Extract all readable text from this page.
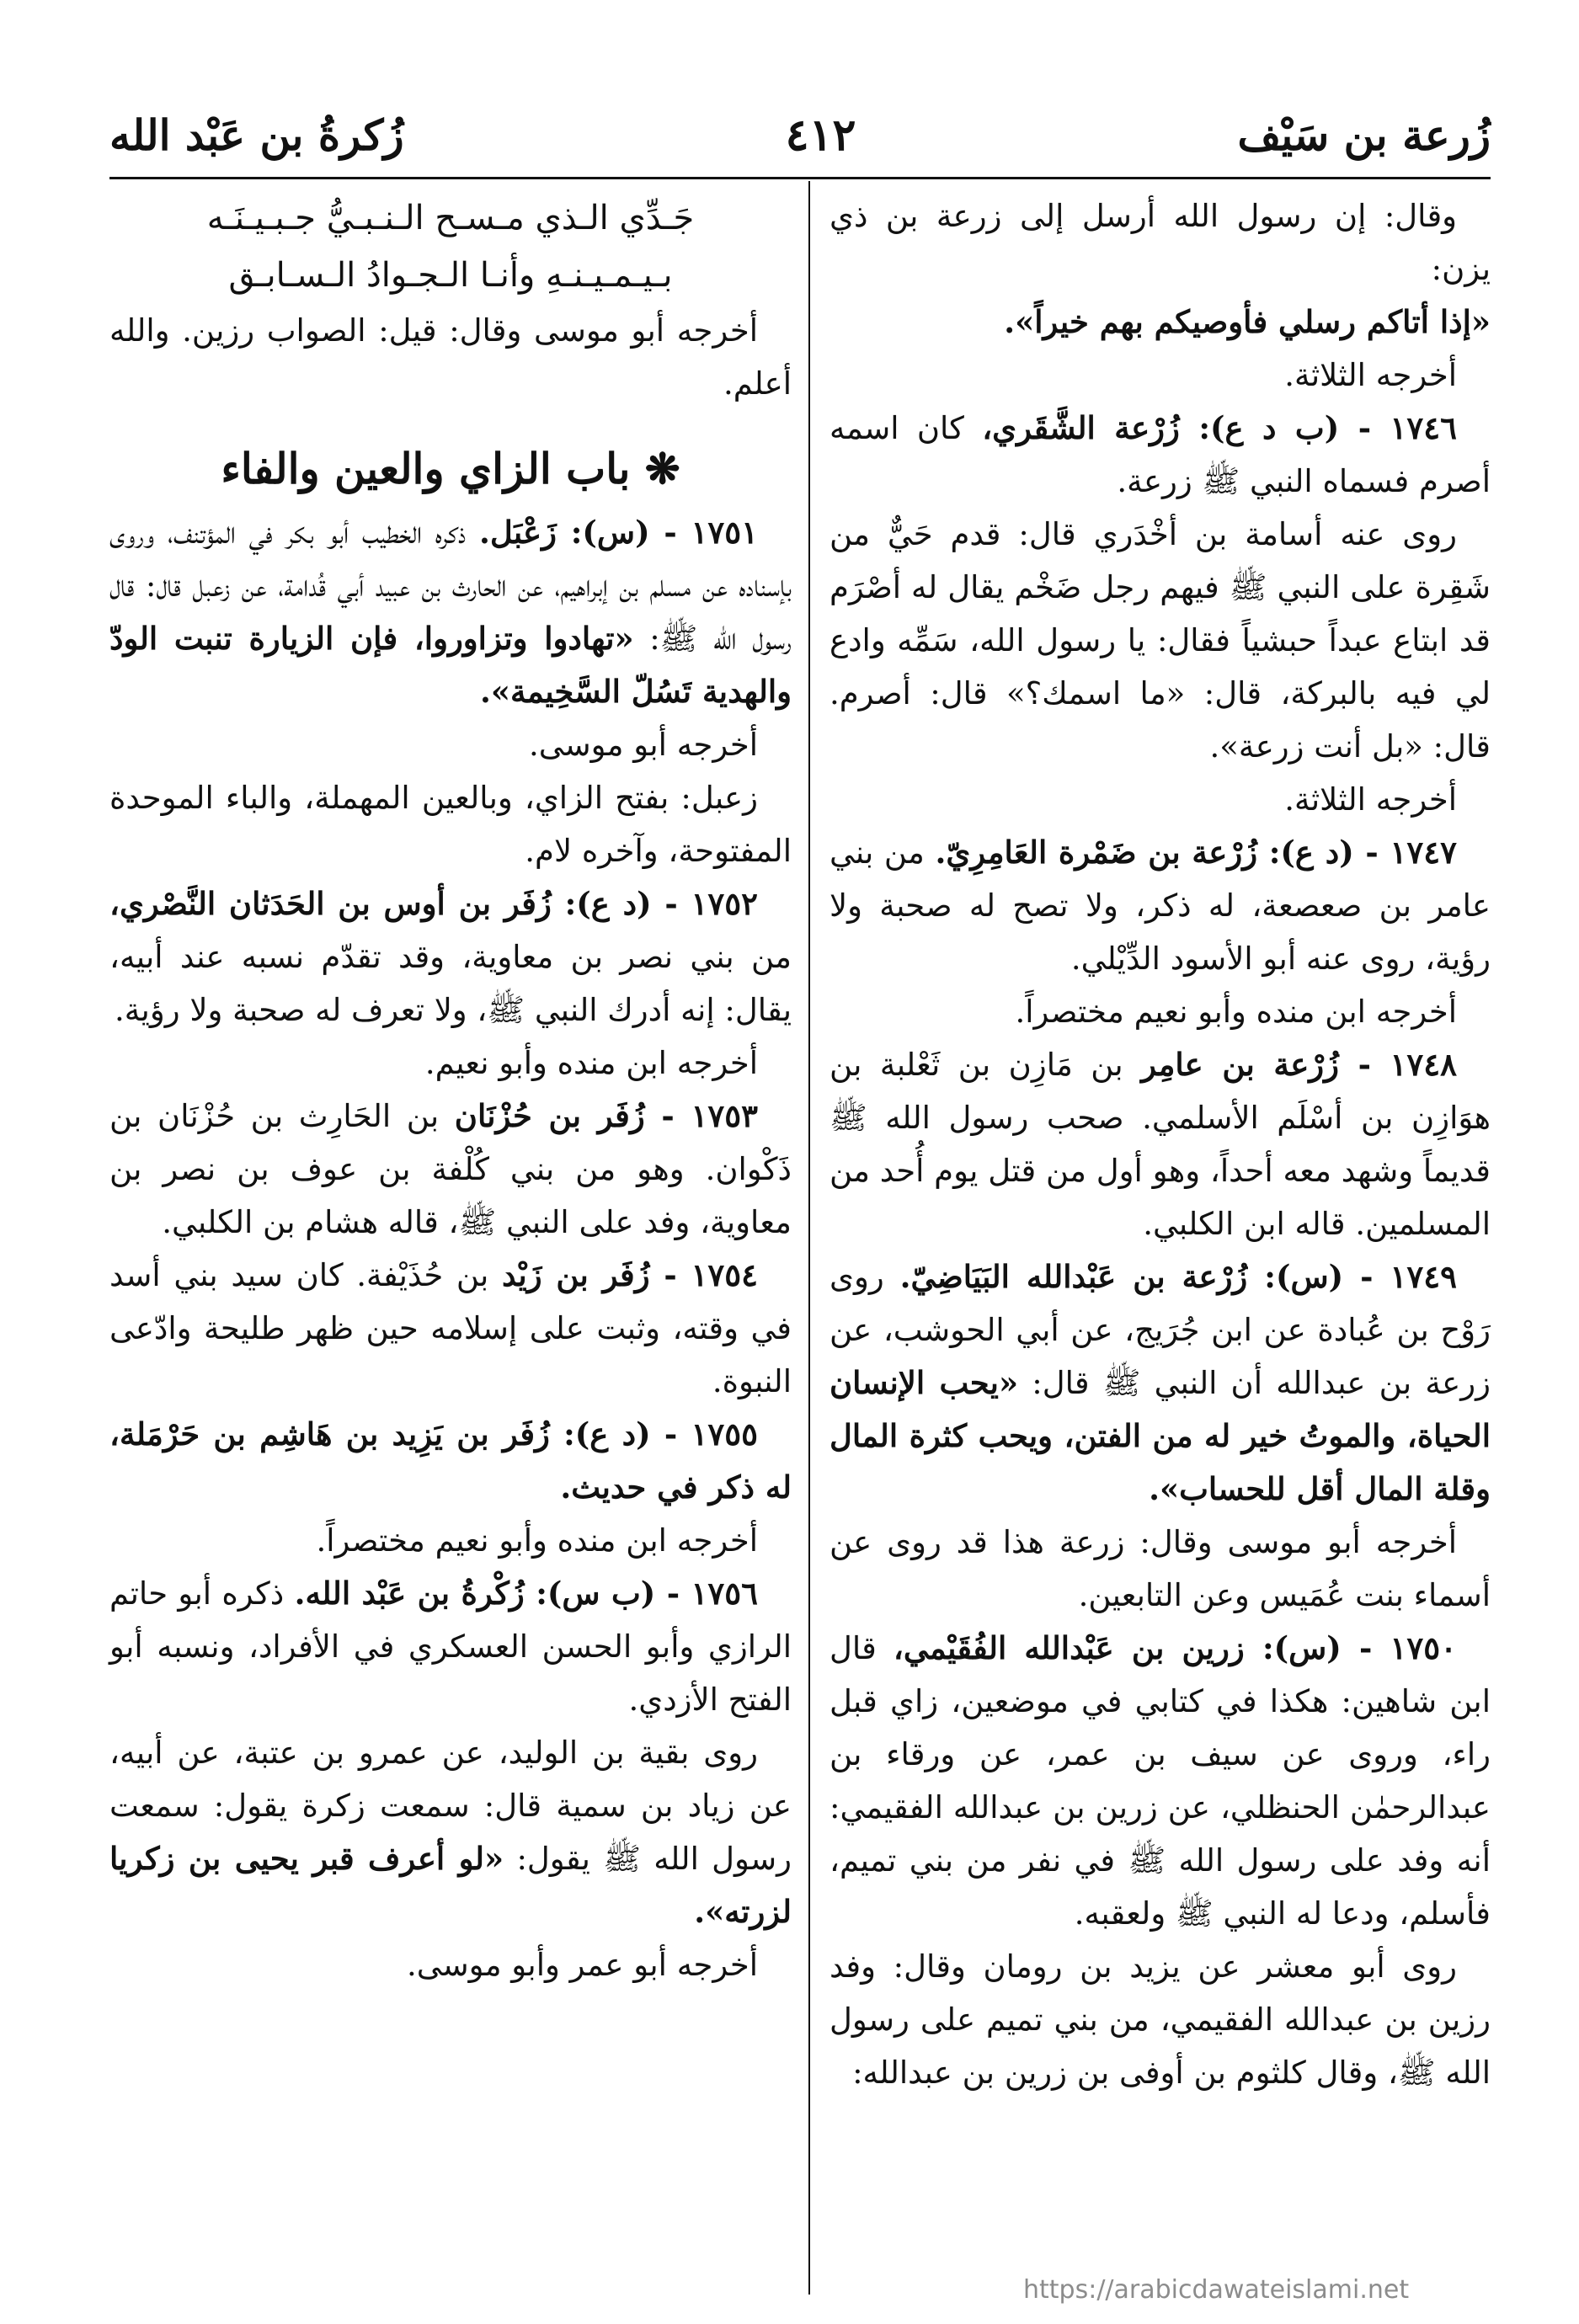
زُرعة بن سَيْف
٤١٢
زُكرةُ بن عَبْد الله

وقال: إن رسول الله أرسل إلى زرعة بن ذي يزن:

«إذا أتاكم رسلي فأوصيكم بهم خيراً».

أخرجه الثلاثة.

١٧٤٦ - (ب د ع): زُرْعة الشَّقَري، كان اسمه أصرم فسماه النبي ﷺ زرعة.

روى عنه أسامة بن أخْدَري قال: قدم حَيٌّ من شَقِرة على النبي ﷺ فيهم رجل ضَخْم يقال له أصْرَم قد ابتاع عبداً حبشياً فقال: يا رسول الله، سَمِّه وادع لي فيه بالبركة، قال: «ما اسمك؟» قال: أصرم. قال: «بل أنت زرعة».

أخرجه الثلاثة.

١٧٤٧ - (د ع): زُرْعة بن ضَمْرة العَامِرِيّ. من بني عامر بن صعصعة، له ذكر، ولا تصح له صحبة ولا رؤية، روى عنه أبو الأسود الدِّيْلي.

أخرجه ابن منده وأبو نعيم مختصراً.

١٧٤٨ - زُرْعة بن عامِر بن مَازِن بن ثَعْلبة بن هوَازِن بن أسْلَم الأسلمي. صحب رسول الله ﷺ قديماً وشهد معه أحداً، وهو أول من قتل يوم أُحد من المسلمين. قاله ابن الكلبي.

١٧٤٩ - (س): زُرْعة بن عَبْدالله البَيَاضِيّ. روى رَوْح بن عُبادة عن ابن جُرَيج، عن أبي الحوشب، عن زرعة بن عبدالله أن النبي ﷺ قال: «يحب الإنسان الحياة، والموتُ خير له من الفتن، ويحب كثرة المال وقلة المال أقل للحساب».

أخرجه أبو موسى وقال: زرعة هذا قد روى عن أسماء بنت عُمَيس وعن التابعين.

١٧٥٠ - (س): زرين بن عَبْدالله الفُقَيْمي، قال ابن شاهين: هكذا في كتابي في موضعين، زاي قبل راء، وروى عن سيف بن عمر، عن ورقاء بن عبدالرحمٰن الحنظلي، عن زرين بن عبدالله الفقيمي: أنه وفد على رسول الله ﷺ في نفر من بني تميم، فأسلم، ودعا له النبي ﷺ ولعقبه.

روى أبو معشر عن يزيد بن رومان وقال: وفد رزين بن عبدالله الفقيمي، من بني تميم على رسول الله ﷺ، وقال كلثوم بن أوفى بن زرين بن عبدالله:

جَـدِّي الـذي مـسـح الـنـبـيُّ جـبـيـنَـه

بـيـمـيـنـهِ وأنـا الـجـوادُ الـسـابـق

أخرجه أبو موسى وقال: قيل: الصواب رزين. والله أعلم.

❋ باب الزاي والعين والفاء

١٧٥١ - (س): زَعْبَل. ذكره الخطيب أبو بكر في المؤتنف، وروى بإسناده عن مسلم بن إبراهيم، عن الحارث بن عبيد أبي قُدامة، عن زعبل قال: قال رسول الله ﷺ: «تهادوا وتزاوروا، فإن الزيارة تنبت الودّ والهدية تَسُلّ السَّخِيمة».

أخرجه أبو موسى.

زعبل: بفتح الزاي، وبالعين المهملة، والباء الموحدة المفتوحة، وآخره لام.

١٧٥٢ - (د ع): زُفَر بن أوس بن الحَدَثان النَّصْري، من بني نصر بن معاوية، وقد تقدّم نسبه عند أبيه، يقال: إنه أدرك النبي ﷺ، ولا تعرف له صحبة ولا رؤية.

أخرجه ابن منده وأبو نعيم.

١٧٥٣ - زُفَر بن حُزْنَان بن الحَارِث بن حُزْنَان بن ذَكْوان. وهو من بني كُلْفة بن عوف بن نصر بن معاوية، وفد على النبي ﷺ، قاله هشام بن الكلبي.

١٧٥٤ - زُفَر بن زَيْد بن حُذَيْفة. كان سيد بني أسد في وقته، وثبت على إسلامه حين ظهر طليحة وادّعى النبوة.

١٧٥٥ - (د ع): زُفَر بن يَزِيد بن هَاشِم بن حَرْمَلة، له ذكر في حديث.

أخرجه ابن منده وأبو نعيم مختصراً.

١٧٥٦ - (ب س): زُكْرةُ بن عَبْد الله. ذكره أبو حاتم الرازي وأبو الحسن العسكري في الأفراد، ونسبه أبو الفتح الأزدي.

روى بقية بن الوليد، عن عمرو بن عتبة، عن أبيه، عن زياد بن سمية قال: سمعت زكرة يقول: سمعت رسول الله ﷺ يقول: «لو أعرف قبر يحيى بن زكريا لزرته».

أخرجه أبو عمر وأبو موسى.

https://arabicdawateislami.net
